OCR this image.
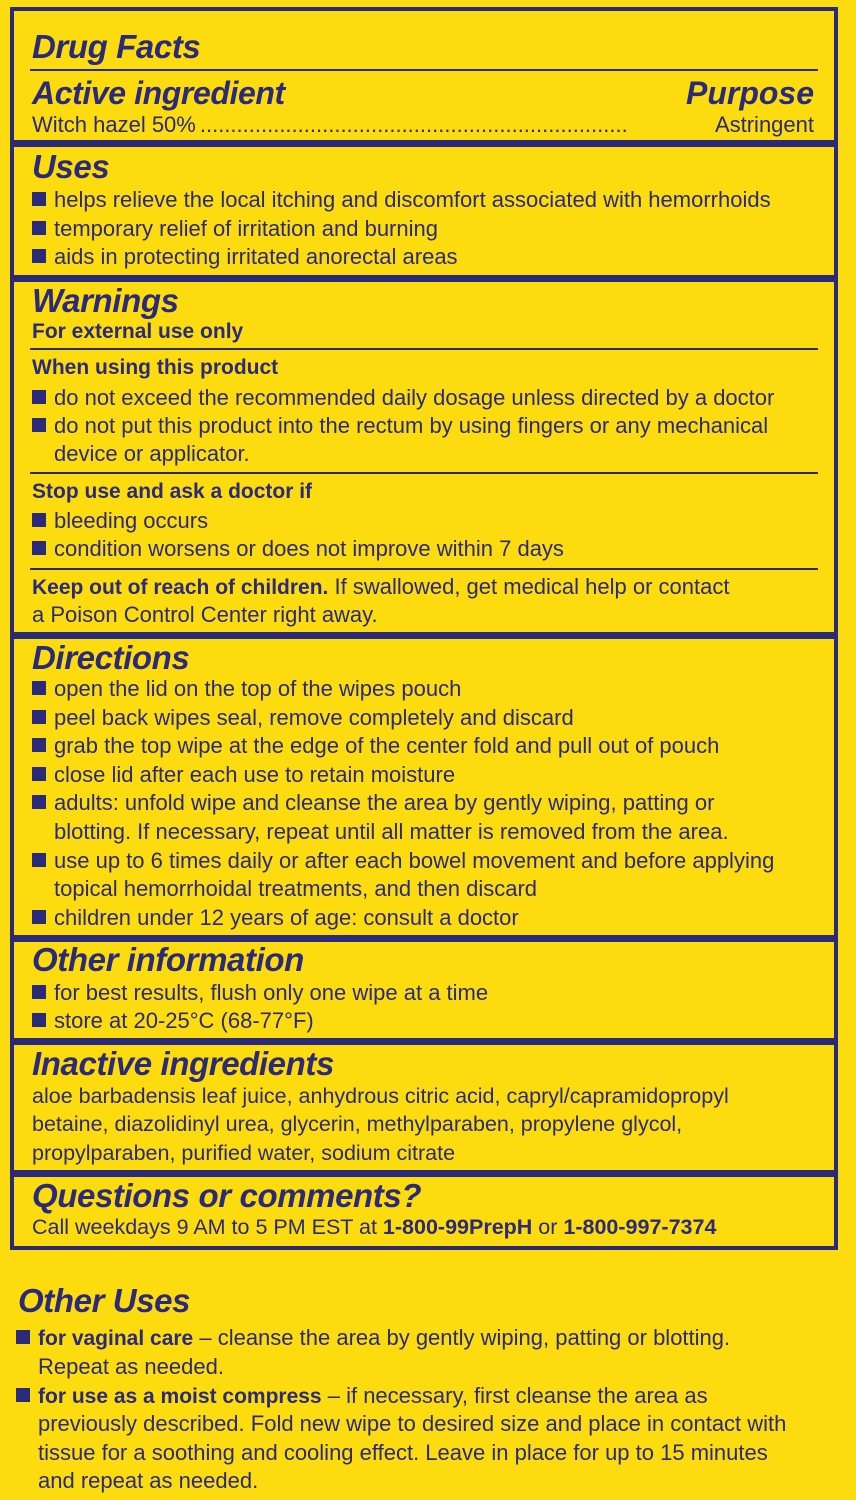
Drug Facts
Active ingredient	Purpose
Witch hazel 50% ......................................................................	Astringent
Uses
helps relieve the local itching and discomfort associated with hemorrhoids
temporary relief of irritation and burning
aids in protecting irritated anorectal areas
Warnings
For external use only
When using this product
do not exceed the recommended daily dosage unless directed by a doctor
do not put this product into the rectum by using fingers or any mechanical
device or applicator.
Stop use and ask a doctor if
bleeding occurs
condition worsens or does not improve within 7 days
Keep out of reach of children. If swallowed, get medical help or contact
a Poison Control Center right away.
Directions
open the lid on the top of the wipes pouch
peel back wipes seal, remove completely and discard
grab the top wipe at the edge of the center fold and pull out of pouch
close lid after each use to retain moisture
adults: unfold wipe and cleanse the area by gently wiping, patting or
blotting. If necessary, repeat until all matter is removed from the area.
use up to 6 times daily or after each bowel movement and before applying
topical hemorrhoidal treatments, and then discard
children under 12 years of age: consult a doctor
Other information
for best results, flush only one wipe at a time
store at 20-25°C (68-77°F)
Inactive ingredients
aloe barbadensis leaf juice, anhydrous citric acid, capryl/capramidopropyl
betaine, diazolidinyl urea, glycerin, methylparaben, propylene glycol,
propylparaben, purified water, sodium citrate
Questions or comments?
Call weekdays 9 AM to 5 PM EST at 1-800-99PrepH or 1-800-997-7374
Other Uses
for vaginal care – cleanse the area by gently wiping, patting or blotting.
Repeat as needed.
for use as a moist compress – if necessary, first cleanse the area as
previously described. Fold new wipe to desired size and place in contact with
tissue for a soothing and cooling effect. Leave in place for up to 15 minutes
and repeat as needed.
